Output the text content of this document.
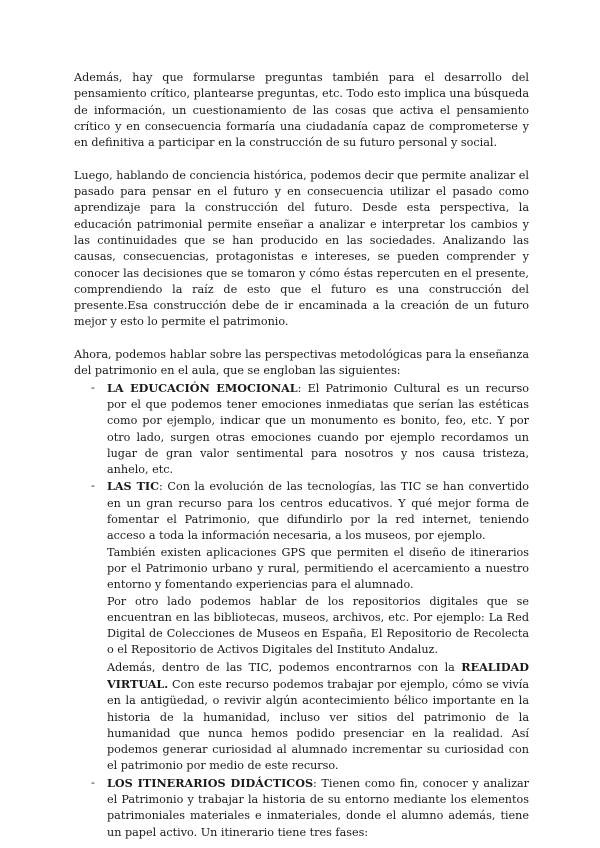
Además, hay que formularse preguntas también para el desarrollo del pensamiento crítico, plantearse preguntas, etc. Todo esto implica una búsqueda de información, un cuestionamiento de las cosas que activa el pensamiento crítico y en consecuencia formaría una ciudadanía capaz de comprometerse y en definitiva a participar en la construcción de su futuro personal y social.

Luego, hablando de conciencia histórica, podemos decir que permite analizar el pasado para pensar en el futuro y en consecuencia utilizar el pasado como aprendizaje para la construcción del futuro. Desde esta perspectiva, la educación patrimonial permite enseñar a analizar e interpretar los cambios y las continuidades que se han producido en las sociedades. Analizando las causas, consecuencias, protagonistas e intereses, se pueden comprender y conocer las decisiones que se tomaron y cómo éstas repercuten en el presente, comprendiendo la raíz de esto que el futuro es una construcción del presente.Esa construcción debe de ir encaminada a la creación de un futuro mejor y esto lo permite el patrimonio.

Ahora, podemos hablar sobre las perspectivas metodológicas para la enseñanza del patrimonio en el aula, que se engloban las siguientes:

- LA EDUCACIÓN EMOCIONAL: El Patrimonio Cultural es un recurso por el que podemos tener emociones inmediatas que serían las estéticas como por ejemplo, indicar que un monumento es bonito, feo, etc. Y por otro lado, surgen otras emociones cuando por ejemplo recordamos un lugar de gran valor sentimental para nosotros y nos causa tristeza, anhelo, etc.

- LAS TIC: Con la evolución de las tecnologías, las TIC se han convertido en un gran recurso para los centros educativos. Y qué mejor forma de fomentar el Patrimonio, que difundirlo por la red internet, teniendo acceso a toda la información necesaria, a los museos, por ejemplo.

También existen aplicaciones GPS que permiten el diseño de itinerarios por el Patrimonio urbano y rural, permitiendo el acercamiento a nuestro entorno y fomentando experiencias para el alumnado.

Por otro lado podemos hablar de los repositorios digitales que se encuentran en las bibliotecas, museos, archivos, etc. Por ejemplo: La Red Digital de Colecciones de Museos en España, El Repositorio de Recolecta o el Repositorio de Activos Digitales del Instituto Andaluz.

Además, dentro de las TIC, podemos encontrarnos con la REALIDAD VIRTUAL. Con este recurso podemos trabajar por ejemplo, cómo se vivía en la antigüedad, o revivir algún acontecimiento bélico importante en la historia de la humanidad, incluso ver sitios del patrimonio de la humanidad que nunca hemos podido presenciar en la realidad. Así podemos generar curiosidad al alumnado incrementar su curiosidad con el patrimonio por medio de este recurso.

- LOS ITINERARIOS DIDÁCTICOS: Tienen como fin, conocer y analizar el Patrimonio y trabajar la historia de su entorno mediante los elementos patrimoniales materiales e inmateriales, donde el alumno además, tiene un papel activo. Un itinerario tiene tres fases:
